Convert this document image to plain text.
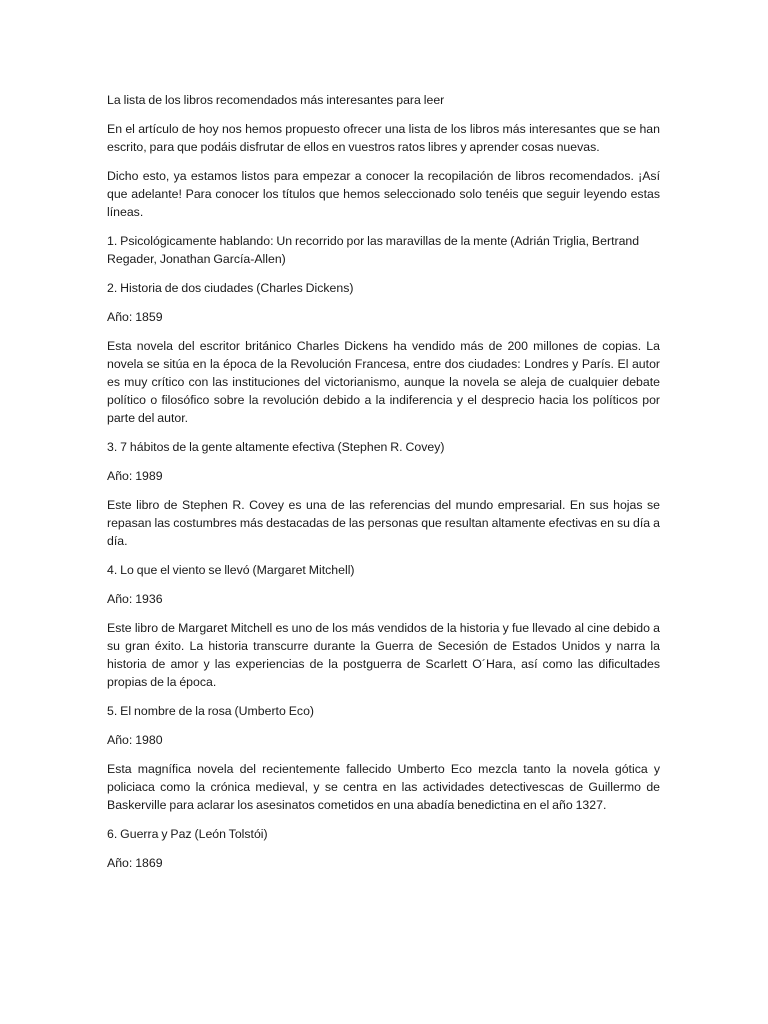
La lista de los libros recomendados más interesantes para leer

En el artículo de hoy nos hemos propuesto ofrecer una lista de los libros más interesantes que se han escrito, para que podáis disfrutar de ellos en vuestros ratos libres y aprender cosas nuevas.

Dicho esto, ya estamos listos para empezar a conocer la recopilación de libros recomendados. ¡Así que adelante! Para conocer los títulos que hemos seleccionado solo tenéis que seguir leyendo estas líneas.

1. Psicológicamente hablando: Un recorrido por las maravillas de la mente (Adrián Triglia, Bertrand Regader, Jonathan García-Allen)

2. Historia de dos ciudades (Charles Dickens)

Año: 1859

Esta novela del escritor británico Charles Dickens ha vendido más de 200 millones de copias. La novela se sitúa en la época de la Revolución Francesa, entre dos ciudades: Londres y París. El autor es muy crítico con las instituciones del victorianismo, aunque la novela se aleja de cualquier debate político o filosófico sobre la revolución debido a la indiferencia y el desprecio hacia los políticos por parte del autor.

3. 7 hábitos de la gente altamente efectiva (Stephen R. Covey)

Año: 1989

Este libro de Stephen R. Covey es una de las referencias del mundo empresarial. En sus hojas se repasan las costumbres más destacadas de las personas que resultan altamente efectivas en su día a día.

4. Lo que el viento se llevó (Margaret Mitchell)

Año: 1936

Este libro de Margaret Mitchell es uno de los más vendidos de la historia y fue llevado al cine debido a su gran éxito. La historia transcurre durante la Guerra de Secesión de Estados Unidos y narra la historia de amor y las experiencias de la postguerra de Scarlett O´Hara, así como las dificultades propias de la época.

5. El nombre de la rosa (Umberto Eco)

Año: 1980

Esta magnífica novela del recientemente fallecido Umberto Eco mezcla tanto la novela gótica y policiaca como la crónica medieval, y se centra en las actividades detectivescas de Guillermo de Baskerville para aclarar los asesinatos cometidos en una abadía benedictina en el año 1327.

6. Guerra y Paz (León Tolstói)

Año: 1869
